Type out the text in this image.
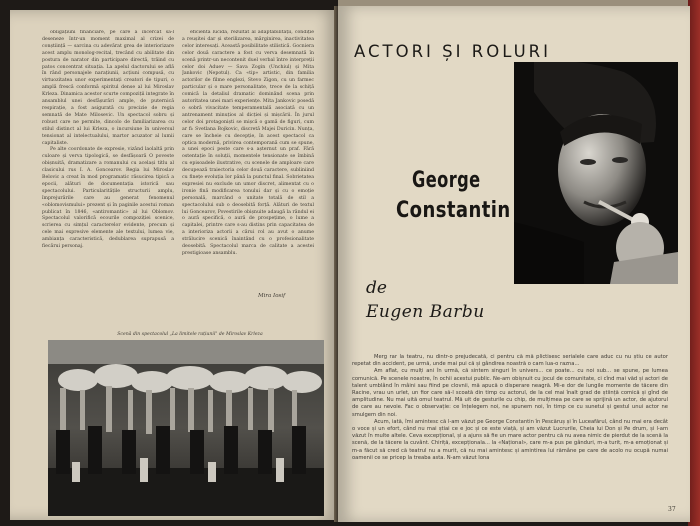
obligațiuni financiare, pe care a încercat să-l deseneze într-un moment maximal al crizei de conștiință — sarcina cu adevărat grea de interiorizare acest amplu monolog-recital, trecând cu abilitate din postura de narator din participare directă, trăind cu patos concentrat situația. La apelul dactorului se află în rând personajele narațiunii, acțiuni compusă, cu virtuozitatea unor experimentați creatori de tipuri, o amplă frescă conformă spiritul dense al lui Miroslav Krleza. Dinamica acestor scurte compoziții integrate în ansamblul unei desfășurări ample, de puternică respirație, a fost asigurată cu precizie de regia semnată de Mate Milosevic. Un spectacol sobru și robust care ne permite, dincolo de familiarizarea cu stilul distinct al lui Krleza, o incursiune în universul tensionat al intelectualului, martor acuzator al lumii capitaliste.

Pe alte coordonate de expresie, vizând laolaltă prin culoare și verva tipologică, se desfășoară O poveste obișnuită, dramatizare a romanului cu același titlu al clasicului rus I. A. Goncearov. Regia lui Miroslav Belovic a creat în mod programatic răsucirea tipică a epocii, alături de documentația istorică sau spectacolului. Particularitățile structurii amplu, împrejurările care au generat fenomenul «oblomovismului» prezent și în paginile acestui roman publicat în 1846, «antiromantic» al lui Oblomov. Spectacolul valorifică ecourile compoziției scenice, scrierea cu simțul caracterelor evidente, precum și cele mai expresive elemente ale textului, lumea vie, ambianța caracteristică, dedublarea suprapusă a fiecărui personaj.

eficientă lucidă, rezultat al adaptabilității, condiție a reușitei dar și sterilizarea, mărginirea, inactivitatea celor interesați. Această posibilitate stilistică. Gocniera celor două caractere a fost cu verva desemnată în scenă printr-un necontenit duel verbal între interpreții celor doi Aduev — Sava Zogin (Unchiul) și Mita Jankovic (Nepotul). Ca «tip» artistic, din familia actorilor de filme englezi, Stevo Zigon, cu un farmec particular și o mare personalitate, trece de la schiță comică la detaliul dramatic dominând scena prin autoritatea unei mari experiențe. Mita Jankovic posedă o sobră vivacitate temperamentală asociată cu un antrenament minuțios al dicției și mișcării. În jurul celor doi protagoniști se mișcă o gamă de figuri, cum ar fi: Svetlana Bojkovic, discretă Majei Duricin. Nunța, care se încheie cu decepție, în acest spectacol ca optica modernă, privirea contemporană cum se spune, a unei epoci peste care s-a așternut un praf. Fără ostentație în soluții, momentele tensionate se îmbină cu episoadele ilustrative, cu scenele de amploare care decupează traiectoria celor două caractere, subliniind cu finețe evoluția lor până la punctul final. Sobrietatea expresiei nu exclude un umor discret, alimentat cu o ironie fină modificarea tonului dar și cu o emoție personală, marcând o unitate totală de stil a spectacolului sub o deosebită forță. Alături de textul lui Goncearov, Povestirile obișnuite adaugă la rândul ei o aură specifică, o aură de prospețime, o lume a capitalei, printre care s-au distins prin capacitatea de a interioriza actorii a cărui rol au avut o anume strălucire scenică înaintând cu o profesionalitate deosebită. Spectacolul marca de calitate a acestei prestigioase ansamblu.

Mira Iosif
Scenă din spectacolul „La limitele rațiunii" de Miroslav Krleza
ACTORI ȘI ROLURI
George
Constantin
de
Eugen Barbu

Merg rar la teatru, nu dintr-o prejudecată, ci pentru că mă plictisesc serialele care aduc cu nu știu ce autor repetat din accident, pe urmă, unde mai pui că și gândirea noastră o cam lua-o razna...

Am aflat, cu mulți ani în urmă, că sintem singuri în univers... ce poate... cu noi sub... se spune, pe lumea comunică. Pe scenele noastre, în ochii acestui public. Ne-am obișnuit cu jocul de comunitate, ci cînd mai văd și actori de talent umblând în mâini sau fiind pe clovnii, mă apucă o disperare neagră. Mi-e dor de lungile momente de tăcere din Racine, vrau un urlet, un fior care să-l scoată din timp cu actorul, de la cel mai înalt grad de știință comică și gînd de amplitudine. Nu mai uită omul teatrul. Mă uit de gesturile cu chip, de mulțimea pe care se sprijină un actor, de ajutorul de care au nevoie. Fac o observație: ce înțelegem noi, ne spunem noi, în timp ce cu sunetul și gestul unui actor ne smulgem din noi.

Acum, iată, îmi amintesc că l-am văzut pe George Constantin în Pescăruș și în Luceafărul, când nu mai era decât o voce și un efort, când nu mai știai ce e joc și ce este viață, și am văzut Lucrurile, Cheia lui Don și Pe drum, și l-am văzut în multe altele. Ceva excepțional, și a ajuns să fie un mare actor pentru că nu avea nimic de pierdut de la scenă la scenă, de la tăcere la cuvânt. Chiriță, excepționala... la «Național», care m-a pus pe gânduri, m-a turit, m-a emoționat și m-a făcut să cred că teatrul nu a murit, că nu mai amintesc și amintirea lui rămâne pe care de acolo nu ocupă numai oamenii ce se pricep la treaba asta. N-am văzut Iona

37
